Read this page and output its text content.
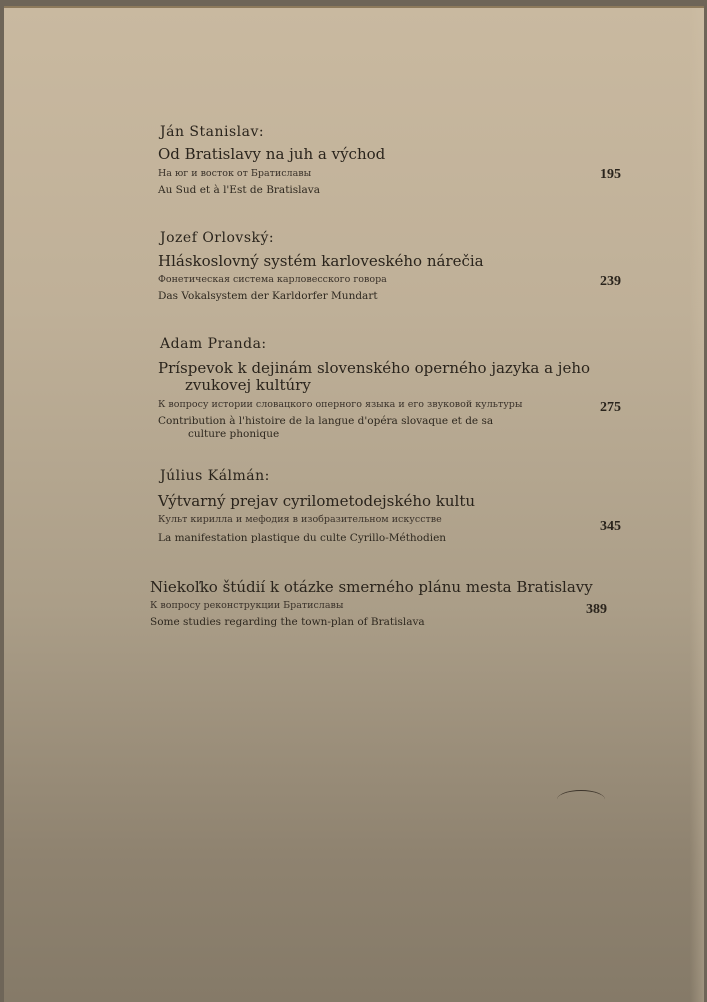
Ján Stanislav:
Od Bratislavy na juh a východ
На юг и восток от Братиславы
Au Sud et à l'Est de Bratislava
195
Jozef Orlovský:
Hláskoslovný systém karloveského nárečia
Фонетическая система карловесского говора
Das Vokalsystem der Karldorfer Mundart
239
Adam Pranda:
Príspevok k dejinám slovenského operného jazyka a jeho
zvukovej kultúry
К вопросу истории словацкого оперного языка и его звуковой культуры
Contribution à l'histoire de la langue d'opéra slovaque et de sa
culture phonique
275
Július Kálmán:
Výtvarný prejav cyrilometodejského kultu
Культ кирилла и мефодия в изобразительном искусстве
La manifestation plastique du culte Cyrillo-Méthodien
345
Niekoľko štúdií k otázke smerného plánu mesta Bratislavy
К вопросу реконструкции Братиславы
Some studies regarding the town-plan of Bratislava
389
